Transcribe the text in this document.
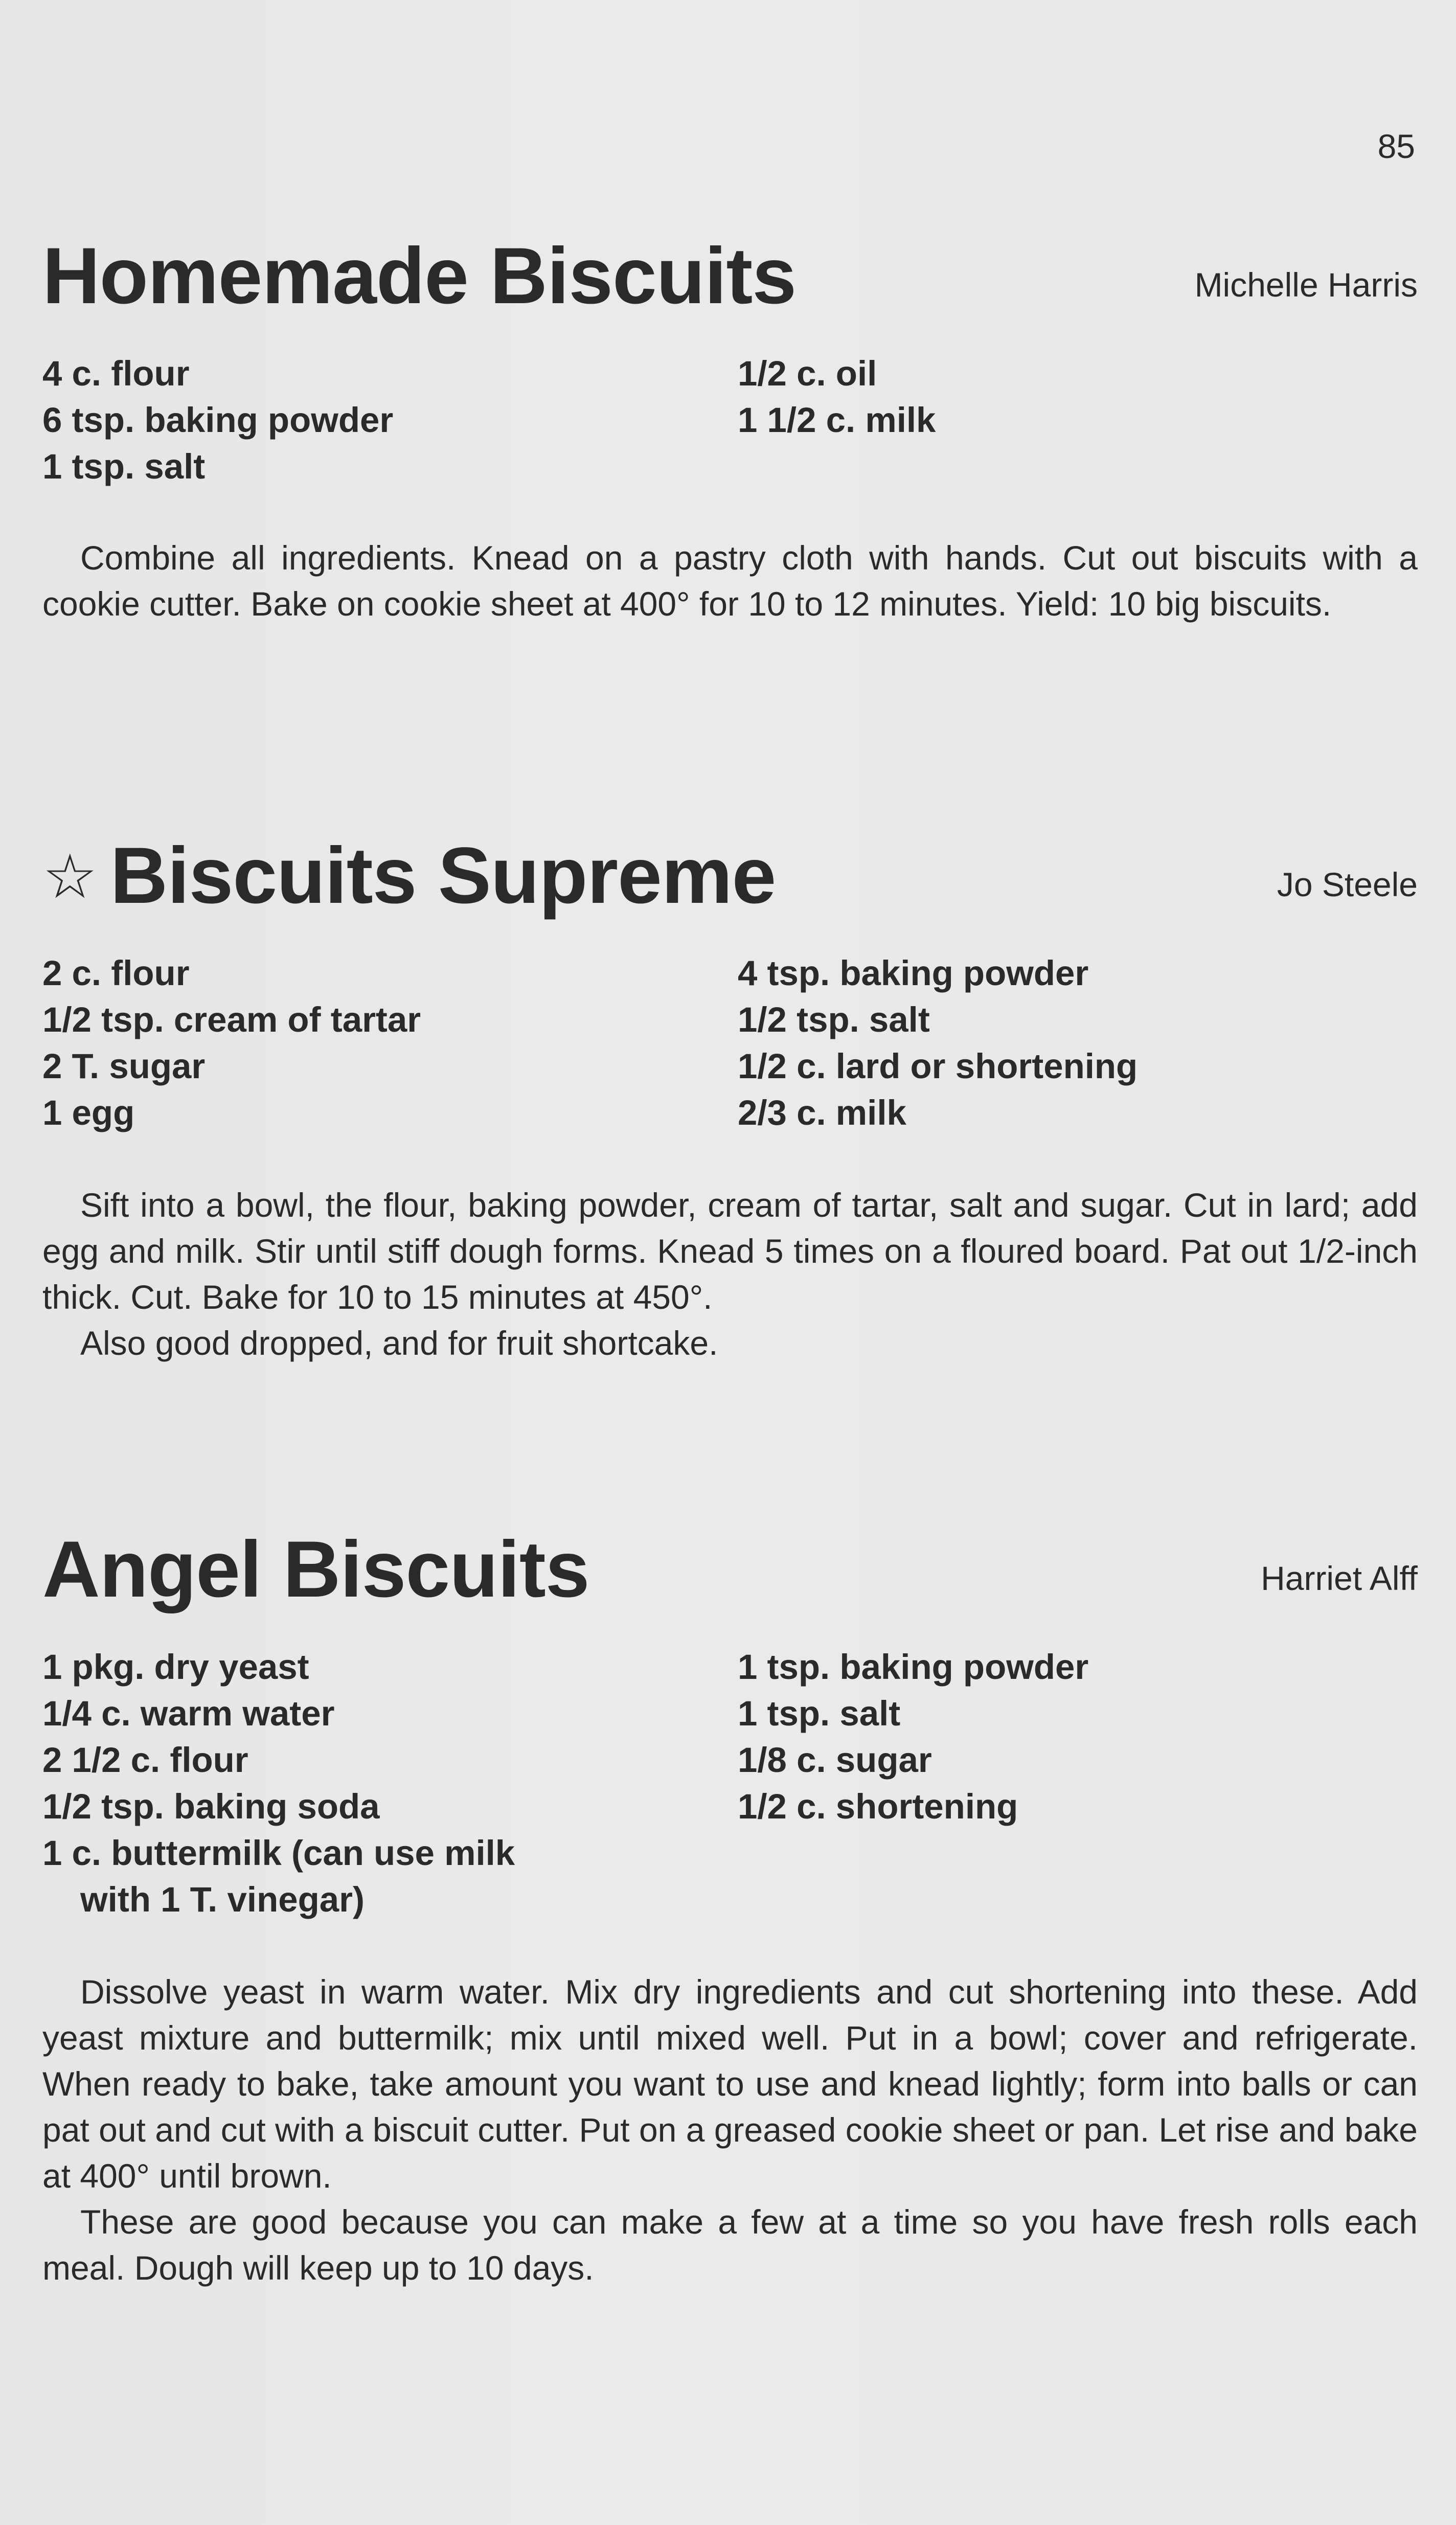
85
Homemade Biscuits	Michelle Harris
4 c. flour
6 tsp. baking powder
1 tsp. salt
1/2 c. oil
1 1/2 c. milk

Combine all ingredients. Knead on a pastry cloth with hands. Cut out biscuits with a cookie cutter. Bake on cookie sheet at 400° for 10 to 12 minutes. Yield: 10 big biscuits.

☆ Biscuits Supreme	Jo Steele
2 c. flour
1/2 tsp. cream of tartar
2 T. sugar
1 egg
4 tsp. baking powder
1/2 tsp. salt
1/2 c. lard or shortening
2/3 c. milk

Sift into a bowl, the flour, baking powder, cream of tartar, salt and sugar. Cut in lard; add egg and milk. Stir until stiff dough forms. Knead 5 times on a floured board. Pat out 1/2-inch thick. Cut. Bake for 10 to 15 minutes at 450°.

Also good dropped, and for fruit shortcake.

Angel Biscuits	Harriet Alff
1 pkg. dry yeast
1/4 c. warm water
2 1/2 c. flour
1/2 tsp. baking soda
1 c. buttermilk (can use milk
with 1 T. vinegar)
1 tsp. baking powder
1 tsp. salt
1/8 c. sugar
1/2 c. shortening

Dissolve yeast in warm water. Mix dry ingredients and cut shortening into these. Add yeast mixture and buttermilk; mix until mixed well. Put in a bowl; cover and refrigerate. When ready to bake, take amount you want to use and knead lightly; form into balls or can pat out and cut with a biscuit cutter. Put on a greased cookie sheet or pan. Let rise and bake at 400° until brown.

These are good because you can make a few at a time so you have fresh rolls each meal. Dough will keep up to 10 days.
